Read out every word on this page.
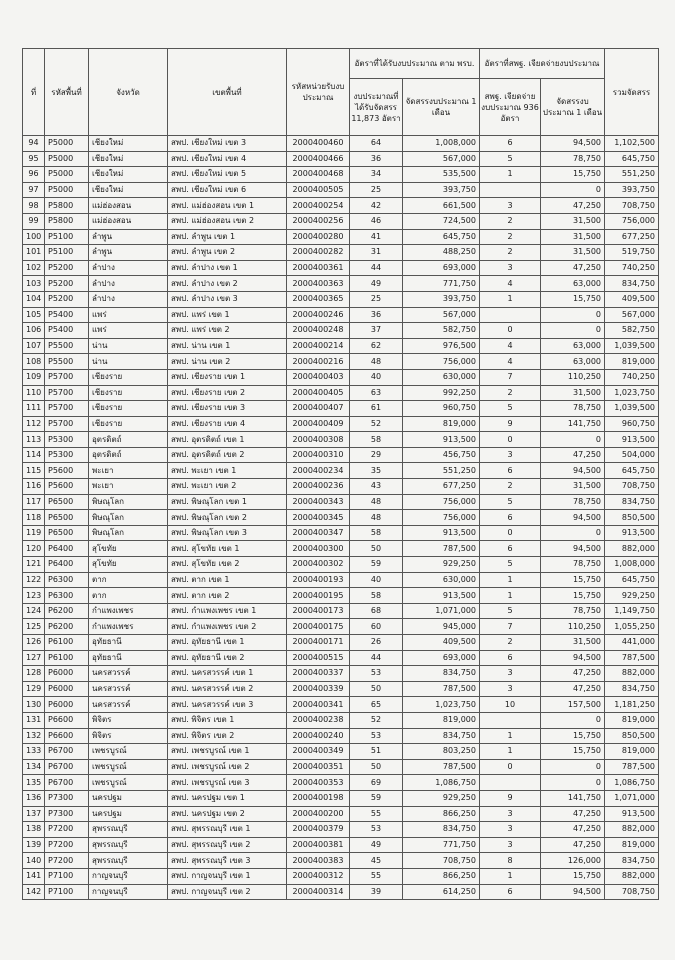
ที่	รหัสพื้นที่	จังหวัด	เขตพื้นที่	รหัสหน่วยรับงบประมาณ	อัตราที่ได้รับงบประมาณ ตาม พรบ.		อัตราที่สพฐ. เจียดจ่ายงบประมาณ		รวมจัดสรร
					งบประมาณที่ได้รับจัดสรร 11,873 อัตรา	จัดสรรงบประมาณ 1 เดือน	สพฐ. เจียดจ่ายงบประมาณ 936 อัตรา	จัดสรรงบประมาณ 1 เดือน	
94	P5000	เชียงใหม่	สพป. เชียงใหม่ เขต 3	2000400460	64	1,008,000	6	94,500	1,102,500
95	P5000	เชียงใหม่	สพป. เชียงใหม่ เขต 4	2000400466	36	567,000	5	78,750	645,750
96	P5000	เชียงใหม่	สพป. เชียงใหม่ เขต 5	2000400468	34	535,500	1	15,750	551,250
97	P5000	เชียงใหม่	สพป. เชียงใหม่ เขต 6	2000400505	25	393,750		0	393,750
98	P5800	แม่ฮ่องสอน	สพป. แม่ฮ่องสอน เขต 1	2000400254	42	661,500	3	47,250	708,750
99	P5800	แม่ฮ่องสอน	สพป. แม่ฮ่องสอน เขต 2	2000400256	46	724,500	2	31,500	756,000
100	P5100	ลำพูน	สพป. ลำพูน เขต 1	2000400280	41	645,750	2	31,500	677,250
101	P5100	ลำพูน	สพป. ลำพูน เขต 2	2000400282	31	488,250	2	31,500	519,750
102	P5200	ลำปาง	สพป. ลำปาง เขต 1	2000400361	44	693,000	3	47,250	740,250
103	P5200	ลำปาง	สพป. ลำปาง เขต 2	2000400363	49	771,750	4	63,000	834,750
104	P5200	ลำปาง	สพป. ลำปาง เขต 3	2000400365	25	393,750	1	15,750	409,500
105	P5400	แพร่	สพป. แพร่ เขต 1	2000400246	36	567,000		0	567,000
106	P5400	แพร่	สพป. แพร่ เขต 2	2000400248	37	582,750	0	0	582,750
107	P5500	น่าน	สพป. น่าน เขต 1	2000400214	62	976,500	4	63,000	1,039,500
108	P5500	น่าน	สพป. น่าน เขต 2	2000400216	48	756,000	4	63,000	819,000
109	P5700	เชียงราย	สพป. เชียงราย เขต 1	2000400403	40	630,000	7	110,250	740,250
110	P5700	เชียงราย	สพป. เชียงราย เขต 2	2000400405	63	992,250	2	31,500	1,023,750
111	P5700	เชียงราย	สพป. เชียงราย เขต 3	2000400407	61	960,750	5	78,750	1,039,500
112	P5700	เชียงราย	สพป. เชียงราย เขต 4	2000400409	52	819,000	9	141,750	960,750
113	P5300	อุตรดิตถ์	สพป. อุตรดิตถ์ เขต 1	2000400308	58	913,500	0	0	913,500
114	P5300	อุตรดิตถ์	สพป. อุตรดิตถ์ เขต 2	2000400310	29	456,750	3	47,250	504,000
115	P5600	พะเยา	สพป. พะเยา เขต 1	2000400234	35	551,250	6	94,500	645,750
116	P5600	พะเยา	สพป. พะเยา เขต 2	2000400236	43	677,250	2	31,500	708,750
117	P6500	พิษณุโลก	สพป. พิษณุโลก เขต 1	2000400343	48	756,000	5	78,750	834,750
118	P6500	พิษณุโลก	สพป. พิษณุโลก เขต 2	2000400345	48	756,000	6	94,500	850,500
119	P6500	พิษณุโลก	สพป. พิษณุโลก เขต 3	2000400347	58	913,500	0	0	913,500
120	P6400	สุโขทัย	สพป. สุโขทัย เขต 1	2000400300	50	787,500	6	94,500	882,000
121	P6400	สุโขทัย	สพป. สุโขทัย เขต 2	2000400302	59	929,250	5	78,750	1,008,000
122	P6300	ตาก	สพป. ตาก เขต 1	2000400193	40	630,000	1	15,750	645,750
123	P6300	ตาก	สพป. ตาก เขต 2	2000400195	58	913,500	1	15,750	929,250
124	P6200	กำแพงเพชร	สพป. กำแพงเพชร เขต 1	2000400173	68	1,071,000	5	78,750	1,149,750
125	P6200	กำแพงเพชร	สพป. กำแพงเพชร เขต 2	2000400175	60	945,000	7	110,250	1,055,250
126	P6100	อุทัยธานี	สพป. อุทัยธานี เขต 1	2000400171	26	409,500	2	31,500	441,000
127	P6100	อุทัยธานี	สพป. อุทัยธานี เขต 2	2000400515	44	693,000	6	94,500	787,500
128	P6000	นครสวรรค์	สพป. นครสวรรค์ เขต 1	2000400337	53	834,750	3	47,250	882,000
129	P6000	นครสวรรค์	สพป. นครสวรรค์ เขต 2	2000400339	50	787,500	3	47,250	834,750
130	P6000	นครสวรรค์	สพป. นครสวรรค์ เขต 3	2000400341	65	1,023,750	10	157,500	1,181,250
131	P6600	พิจิตร	สพป. พิจิตร เขต 1	2000400238	52	819,000		0	819,000
132	P6600	พิจิตร	สพป. พิจิตร เขต 2	2000400240	53	834,750	1	15,750	850,500
133	P6700	เพชรบูรณ์	สพป. เพชรบูรณ์ เขต 1	2000400349	51	803,250	1	15,750	819,000
134	P6700	เพชรบูรณ์	สพป. เพชรบูรณ์ เขต 2	2000400351	50	787,500	0	0	787,500
135	P6700	เพชรบูรณ์	สพป. เพชรบูรณ์ เขต 3	2000400353	69	1,086,750		0	1,086,750
136	P7300	นครปฐม	สพป. นครปฐม เขต 1	2000400198	59	929,250	9	141,750	1,071,000
137	P7300	นครปฐม	สพป. นครปฐม เขต 2	2000400200	55	866,250	3	47,250	913,500
138	P7200	สุพรรณบุรี	สพป. สุพรรณบุรี เขต 1	2000400379	53	834,750	3	47,250	882,000
139	P7200	สุพรรณบุรี	สพป. สุพรรณบุรี เขต 2	2000400381	49	771,750	3	47,250	819,000
140	P7200	สุพรรณบุรี	สพป. สุพรรณบุรี เขต 3	2000400383	45	708,750	8	126,000	834,750
141	P7100	กาญจนบุรี	สพป. กาญจนบุรี เขต 1	2000400312	55	866,250	1	15,750	882,000
142	P7100	กาญจนบุรี	สพป. กาญจนบุรี เขต 2	2000400314	39	614,250	6	94,500	708,750
